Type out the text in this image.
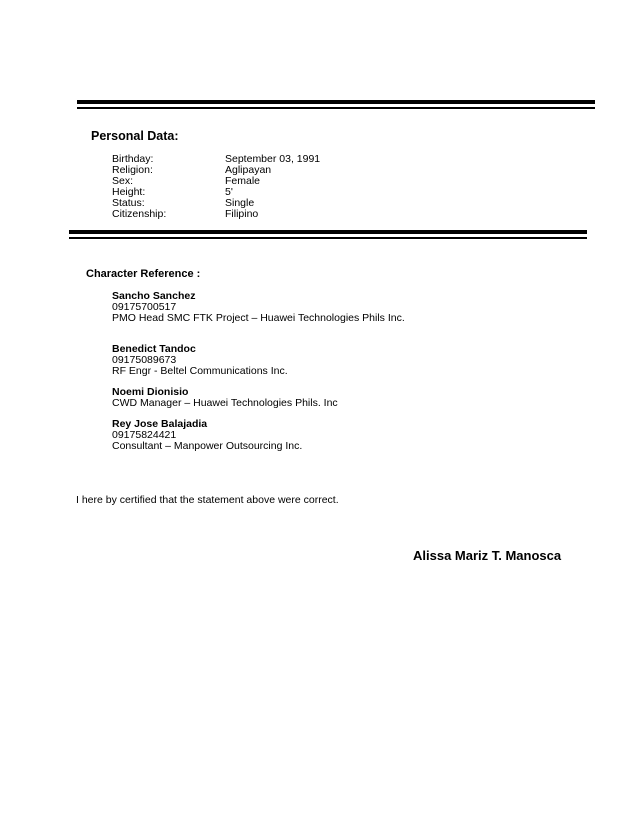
Personal Data:
Birthday:	September 03, 1991
Religion:	Aglipayan
Sex:	Female
Height:	5'
Status:	Single
Citizenship:	Filipino
Character Reference :
Sancho Sanchez
09175700517
PMO Head SMC FTK Project – Huawei Technologies Phils Inc.
Benedict Tandoc
09175089673
RF Engr - Beltel Communications Inc.
Noemi Dionisio
CWD Manager – Huawei Technologies Phils. Inc
Rey Jose Balajadia
09175824421
Consultant – Manpower Outsourcing Inc.
I here by certified that the statement above were correct.
Alissa Mariz T. Manosca
